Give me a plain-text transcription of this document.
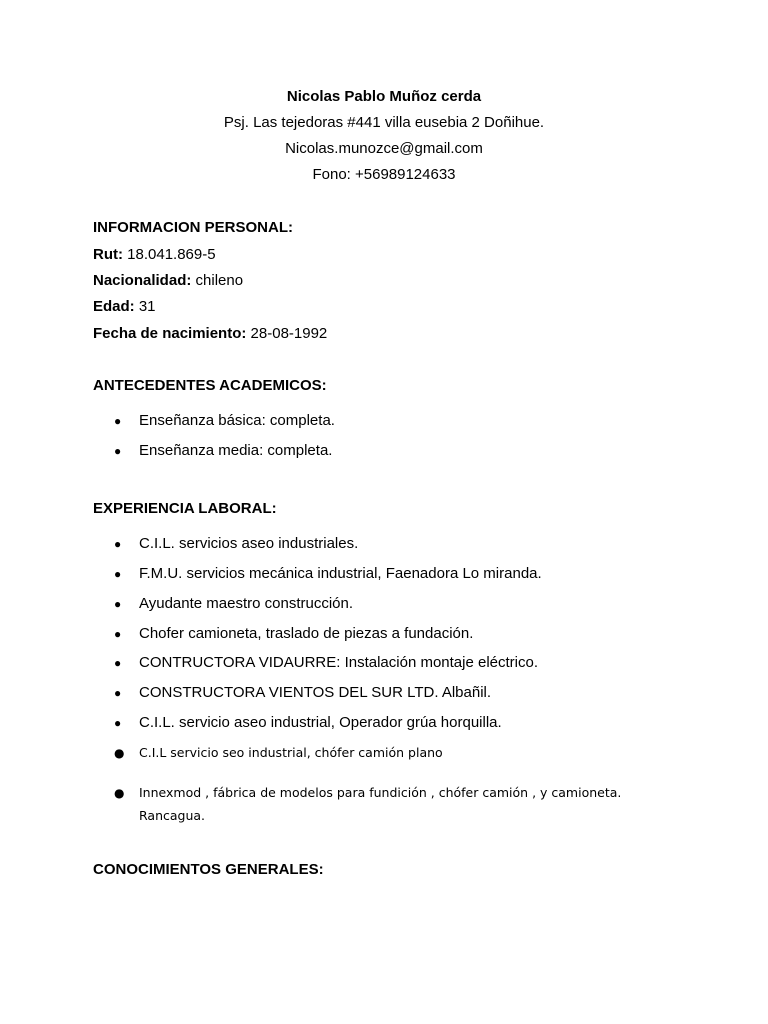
Nicolas Pablo Muñoz cerda
Psj. Las tejedoras #441 villa eusebia 2 Doñihue.
Nicolas.munozce@gmail.com
Fono: +56989124633
INFORMACION PERSONAL:
Rut: 18.041.869-5
Nacionalidad: chileno
Edad: 31
Fecha de nacimiento: 28-08-1992
ANTECEDENTES ACADEMICOS:
● Enseñanza básica: completa.
● Enseñanza media: completa.
EXPERIENCIA LABORAL:
● C.I.L. servicios aseo industriales.
● F.M.U. servicios mecánica industrial, Faenadora Lo miranda.
● Ayudante maestro construcción.
● Chofer camioneta, traslado de piezas a fundación.
● CONTRUCTORA VIDAURRE: Instalación montaje eléctrico.
● CONSTRUCTORA VIENTOS DEL SUR LTD. Albañil.
● C.I.L. servicio aseo industrial, Operador grúa horquilla.
● C.I.L servicio seo industrial, chófer camión plano
● Innexmod , fábrica de modelos para fundición , chófer camión , y camioneta.
Rancagua.
CONOCIMIENTOS GENERALES:
